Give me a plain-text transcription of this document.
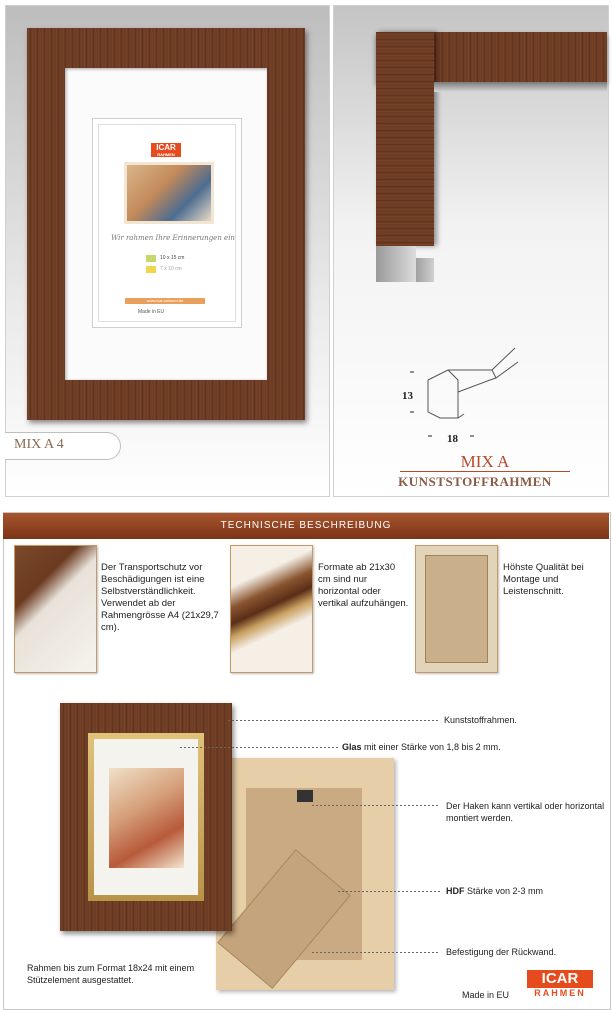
ICAR

RAHMEN
Wir rahmen Ihre Erinnerungen ein
10 x 15 cm
7 x 10 cm
www.icar-rahmen.de
Made in EU
MIX A 4
13
18
MIX A
KUNSTSTOFFRAHMEN
TECHNISCHE BESCHREIBUNG
Der Transportschutz vor Beschädigungen ist eine Selbstverständlichkeit. Verwendet ab der Rahmengrösse A4 (21x29,7 cm).
Formate ab 21x30 cm sind nur horizontal oder vertikal aufzuhängen.
Höhste Qualität bei Montage und Leistenschnitt.
Kunststoffrahmen.
Glas mit einer Stärke von 1,8 bis 2 mm.
Der Haken kann vertikal oder horizontal montiert werden.
HDF Stärke von 2-3 mm
Befestigung der Rückwand.
Rahmen bis zum Format 18x24 mit einem Stützelement ausgestattet.
Made in EU
ICAR
RAHMEN
